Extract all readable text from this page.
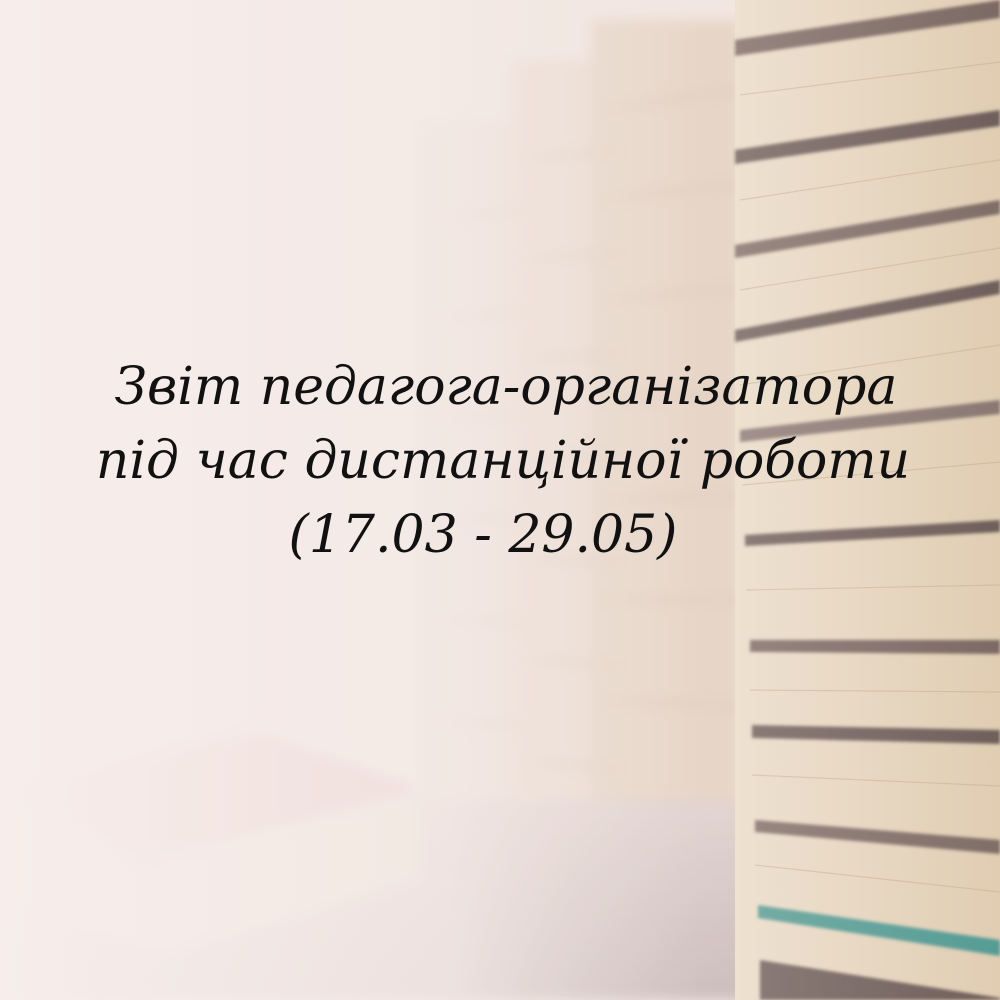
Звіт педагога-організатора
під час дистанційної роботи
(17.03 - 29.05)
